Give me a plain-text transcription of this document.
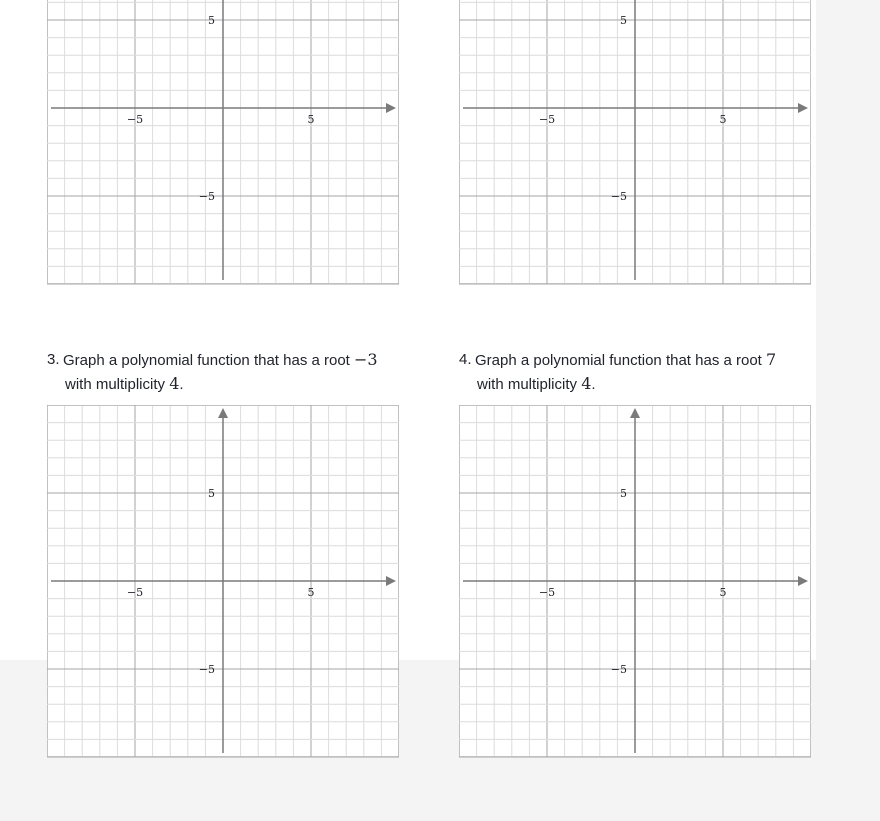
−5	5
5
−5
−5	5
5
−5
3. Graph a polynomial function that has a root −3
with multiplicity 4.
4. Graph a polynomial function that has a root 7
with multiplicity 4.
−5	5
5
−5
−5	5
5
−5
